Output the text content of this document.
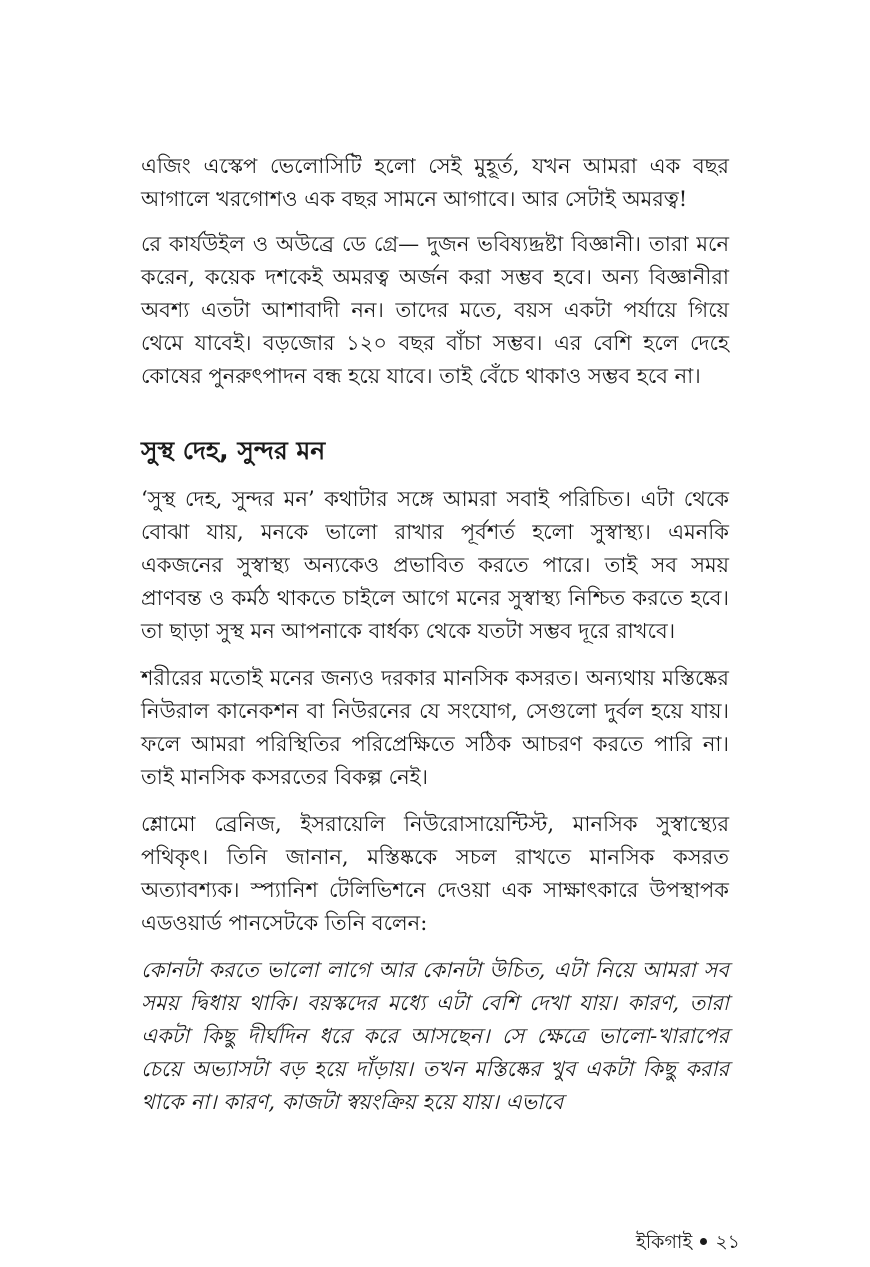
এজিং এস্কেপ ভেলোসিটি হলো সেই মুহূর্ত, যখন আমরা এক বছর আগালে খরগোশও এক বছর সামনে আগাবে। আর সেটাই অমরত্ব!

রে কার্যউইল ও অউব্রে ডে গ্রে— দুজন ভবিষ্যদ্দ্রষ্টা বিজ্ঞানী। তারা মনে করেন, কয়েক দশকেই অমরত্ব অর্জন করা সম্ভব হবে। অন্য বিজ্ঞানীরা অবশ্য এতটা আশাবাদী নন। তাদের মতে, বয়স একটা পর্যায়ে গিয়ে থেমে যাবেই। বড়জোর ১২০ বছর বাঁচা সম্ভব। এর বেশি হলে দেহে কোষের পুনরুৎপাদন বন্ধ হয়ে যাবে। তাই বেঁচে থাকাও সম্ভব হবে না।

সুস্থ দেহ, সুন্দর মন

‘সুস্থ দেহ, সুন্দর মন’ কথাটার সঙ্গে আমরা সবাই পরিচিত। এটা থেকে বোঝা যায়, মনকে ভালো রাখার পূর্বশর্ত হলো সুস্বাস্থ্য। এমনকি একজনের সুস্বাস্থ্য অন্যকেও প্রভাবিত করতে পারে। তাই সব সময় প্রাণবন্ত ও কর্মঠ থাকতে চাইলে আগে মনের সুস্বাস্থ্য নিশ্চিত করতে হবে। তা ছাড়া সুস্থ মন আপনাকে বার্ধক্য থেকে যতটা সম্ভব দূরে রাখবে।

শরীরের মতোই মনের জন্যও দরকার মানসিক কসরত। অন্যথায় মস্তিষ্কের নিউরাল কানেকশন বা নিউরনের যে সংযোগ, সেগুলো দুর্বল হয়ে যায়। ফলে আমরা পরিস্থিতির পরিপ্রেক্ষিতে সঠিক আচরণ করতে পারি না। তাই মানসিক কসরতের বিকল্প নেই।

শ্লোমো ব্রেনিজ, ইসরায়েলি নিউরোসায়েন্টিস্ট, মানসিক সুস্বাস্থ্যের পথিকৃৎ। তিনি জানান, মস্তিষ্ককে সচল রাখতে মানসিক কসরত অত্যাবশ্যক। স্প্যানিশ টেলিভিশনে দেওয়া এক সাক্ষাৎকারে উপস্থাপক এডওয়ার্ড পানসেটকে তিনি বলেন:

কোনটা করতে ভালো লাগে আর কোনটা উচিত, এটা নিয়ে আমরা সব সময় দ্বিধায় থাকি। বয়স্কদের মধ্যে এটা বেশি দেখা যায়। কারণ, তারা একটা কিছু দীর্ঘদিন ধরে করে আসছেন। সে ক্ষেত্রে ভালো-খারাপের চেয়ে অভ্যাসটা বড় হয়ে দাঁড়ায়। তখন মস্তিষ্কের খুব একটা কিছু করার থাকে না। কারণ, কাজটা স্বয়ংক্রিয় হয়ে যায়। এভাবে

ইকিগাই ২১
